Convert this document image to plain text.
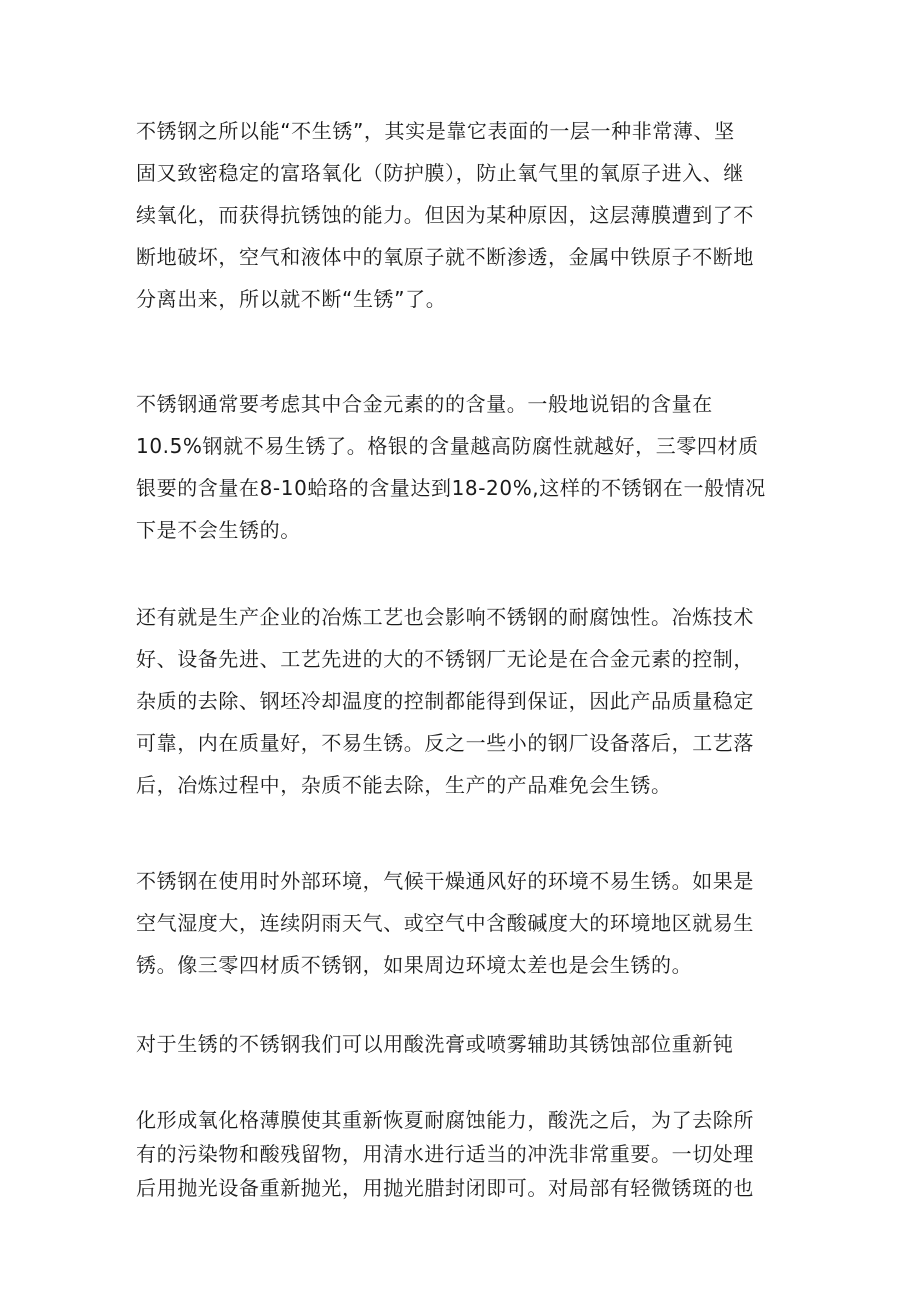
不锈钢之所以能“不生锈”，其实是靠它表面的一层一种非常薄、坚
固又致密稳定的富珞氧化（防护膜），防止氧气里的氧原子进入、继
续氧化，而获得抗锈蚀的能力。但因为某种原因，这层薄膜遭到了不
断地破坏，空气和液体中的氧原子就不断渗透，金属中铁原子不断地
分离出来，所以就不断“生锈”了。

不锈钢通常要考虑其中合金元素的的含量。一般地说铝的含量在
10.5%钢就不易生锈了。格银的含量越高防腐性就越好，三零四材质
银要的含量在8-10蛤珞的含量达到18-20%,这样的不锈钢在一般情况
下是不会生锈的。

还有就是生产企业的冶炼工艺也会影响不锈钢的耐腐蚀性。冶炼技术
好、设备先进、工艺先进的大的不锈钢厂无论是在合金元素的控制，
杂质的去除、钢坯冷却温度的控制都能得到保证，因此产品质量稳定
可靠，内在质量好，不易生锈。反之一些小的钢厂设备落后，工艺落
后，冶炼过程中，杂质不能去除，生产的产品难免会生锈。

不锈钢在使用时外部环境，气候干燥通风好的环境不易生锈。如果是
空气湿度大，连续阴雨天气、或空气中含酸碱度大的环境地区就易生
锈。像三零四材质不锈钢，如果周边环境太差也是会生锈的。

对于生锈的不锈钢我们可以用酸洗膏或喷雾辅助其锈蚀部位重新钝

化形成氧化格薄膜使其重新恢夏耐腐蚀能力，酸洗之后，为了去除所
有的污染物和酸残留物，用清水进行适当的冲洗非常重要。一切处理
后用抛光设备重新抛光，用抛光腊封闭即可。对局部有轻微锈斑的也
